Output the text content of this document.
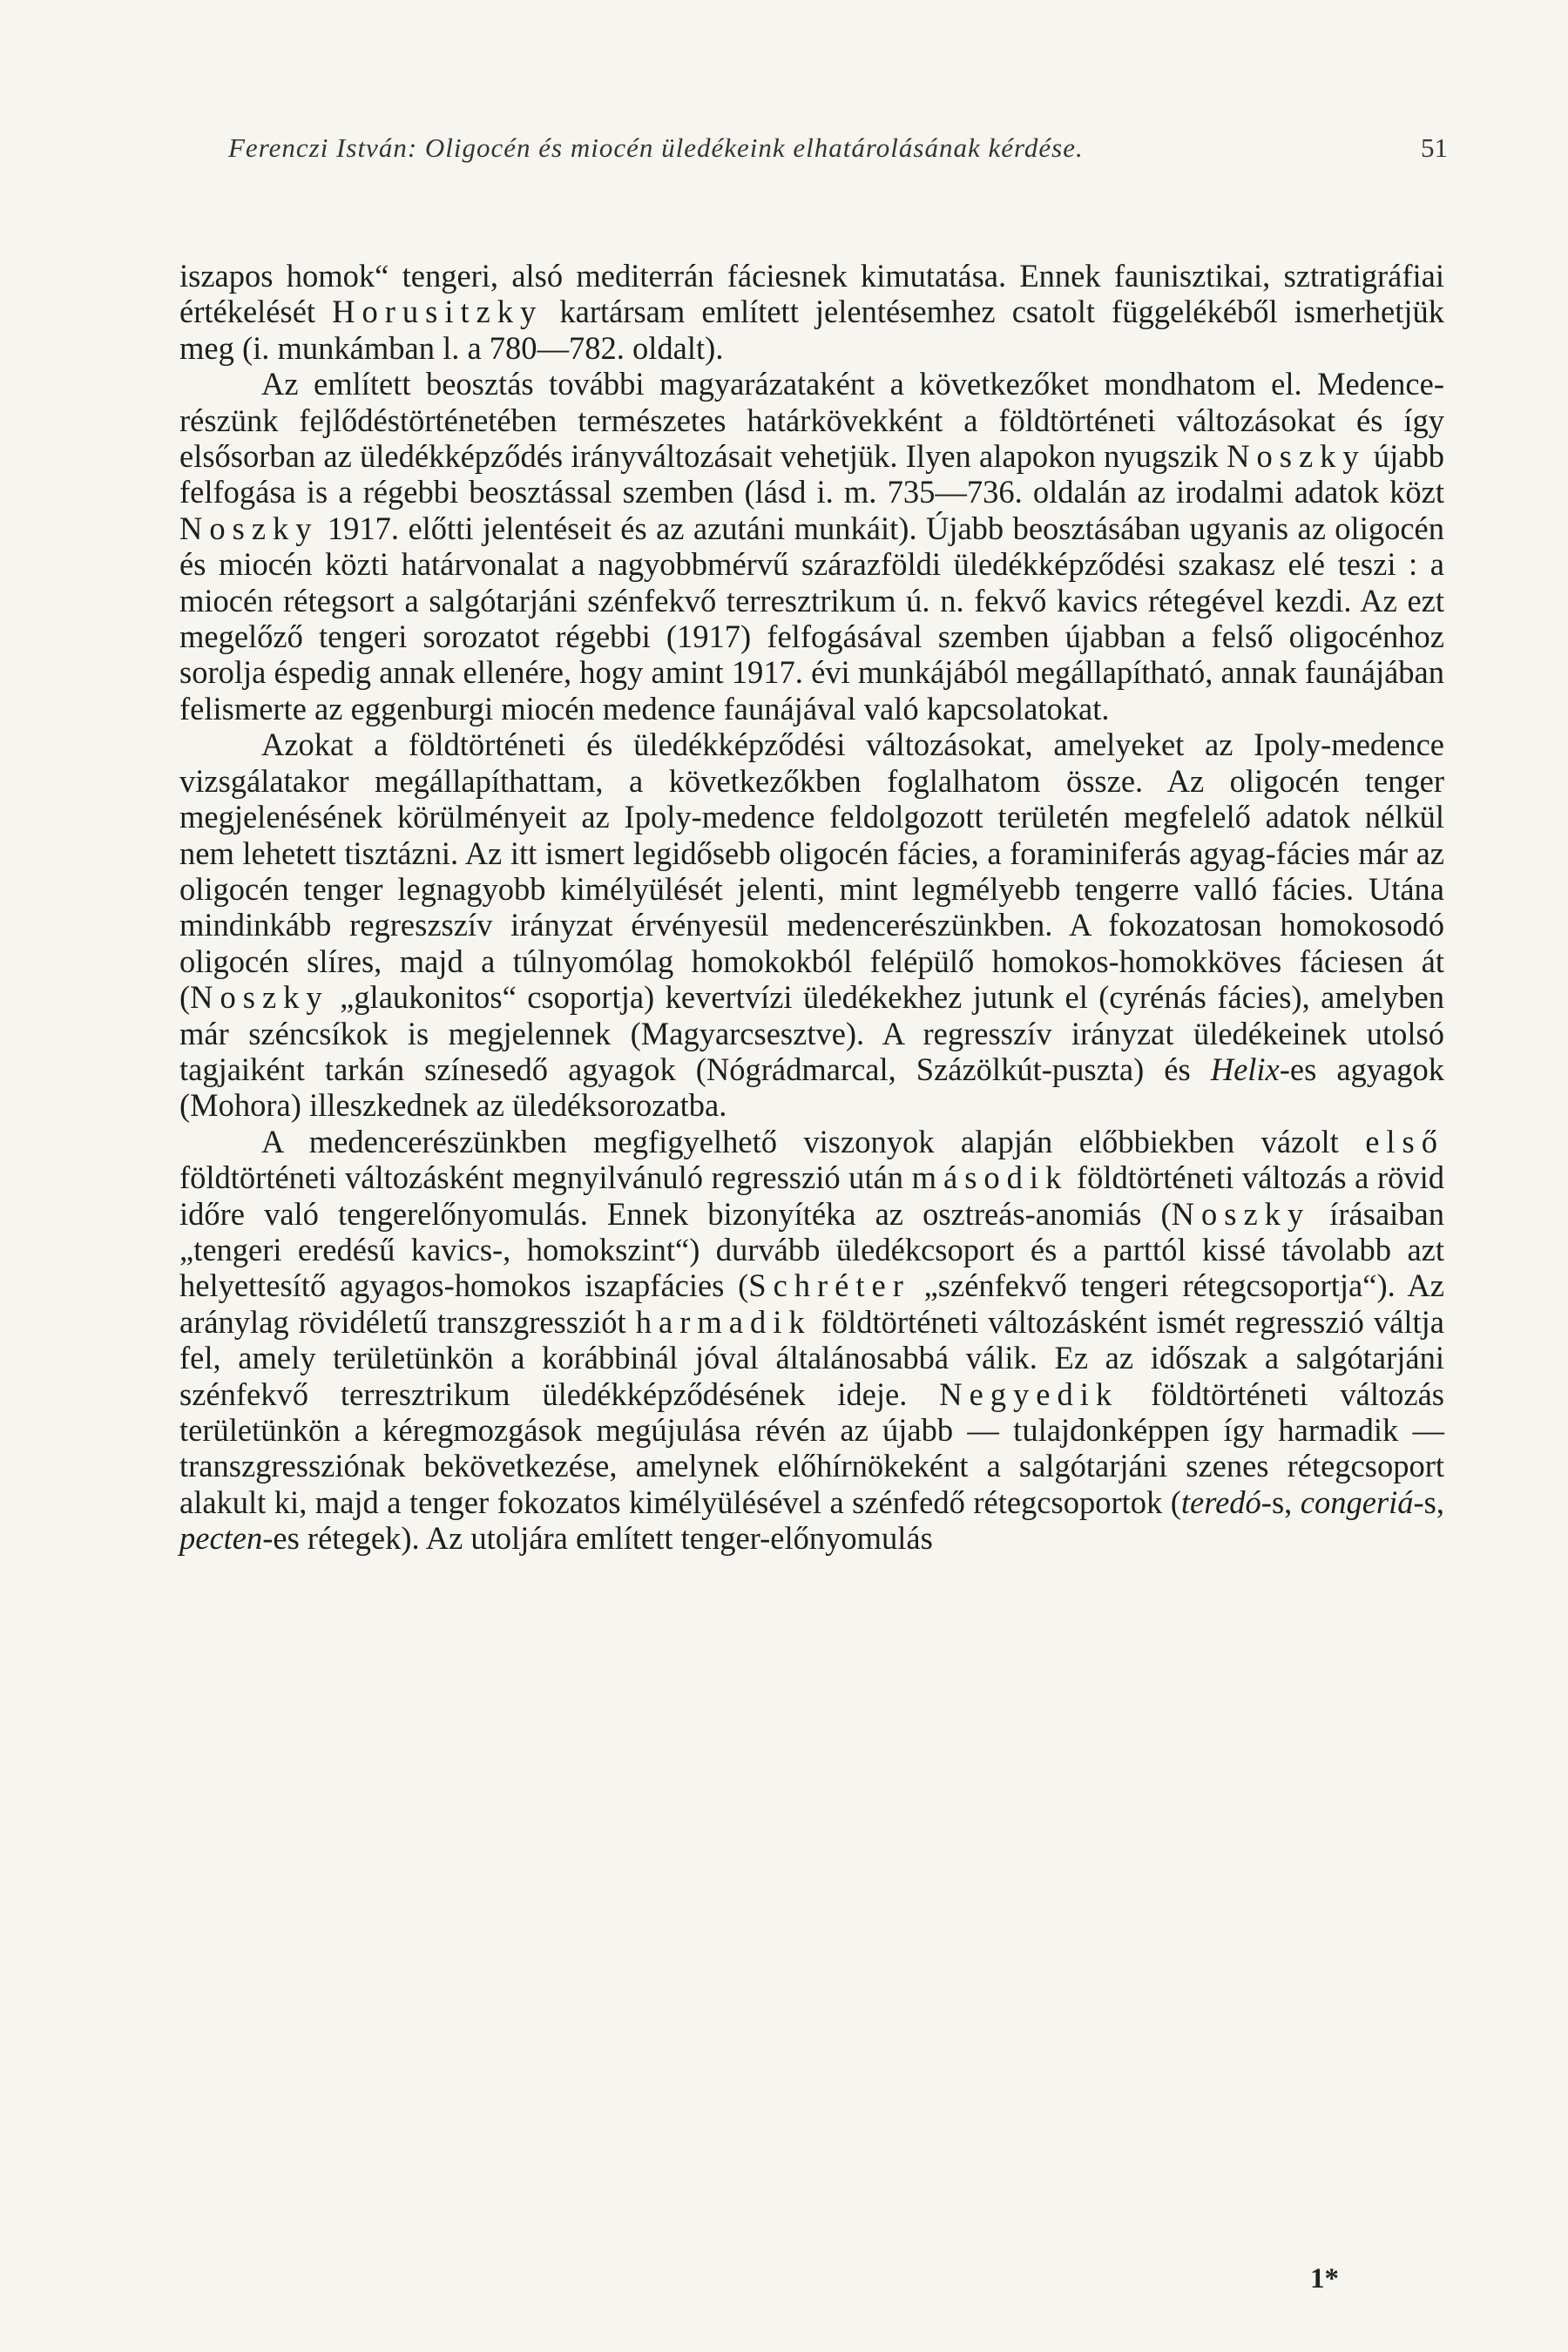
Ferenczi István: Oligocén és miocén üledékeink elhatárolásának kérdése.	51

iszapos homok“ tengeri, alsó mediterrán fáciesnek kimutatása. Ennek faunisztikai, sztratigráfiai értékelését Horusitzky kartársam említett jelentésemhez csatolt függelékéből ismerhetjük meg (i. munkámban l. a 780—782. oldalt).

Az említett beosztás további magyarázataként a következőket mondhatom el. Medence-részünk fejlődéstörténetében természetes határkövekként a földtörténeti változásokat és így elsősorban az üledékképződés irányváltozásait vehetjük. Ilyen alapokon nyugszik Noszky újabb felfogása is a régebbi beosztással szemben (lásd i. m. 735—736. oldalán az irodalmi adatok közt Noszky 1917. előtti jelentéseit és az azutáni munkáit). Újabb beosztásában ugyanis az oligocén és miocén közti határvonalat a nagyobbmérvű szárazföldi üledékképződési szakasz elé teszi : a miocén rétegsort a salgótarjáni szénfekvő terresztrikum ú. n. fekvő kavics rétegével kezdi. Az ezt megelőző tengeri sorozatot régebbi (1917) felfogásával szemben újabban a felső oligocénhoz sorolja éspedig annak ellenére, hogy amint 1917. évi munkájából megállapítható, annak faunájában felismerte az eggenburgi miocén medence faunájával való kapcsolatokat.

Azokat a földtörténeti és üledékképződési változásokat, amelyeket az Ipoly-medence vizsgálatakor megállapíthattam, a következőkben foglalhatom össze. Az oligocén tenger megjelenésének körülményeit az Ipoly-medence feldolgozott területén megfelelő adatok nélkül nem lehetett tisztázni. Az itt ismert legidősebb oligocén fácies, a foraminiferás agyag-fácies már az oligocén tenger legnagyobb kimélyülését jelenti, mint legmélyebb tengerre valló fácies. Utána mindinkább regreszszív irányzat érvényesül medencerészünkben. A fokozatosan homokosodó oligocén slíres, majd a túlnyomólag homokokból felépülő homokos-homokköves fáciesen át (Noszky „glaukonitos“ csoportja) kevertvízi üledékekhez jutunk el (cyrénás fácies), amelyben már széncsíkok is megjelennek (Magyarcsesztve). A regresszív irányzat üledékeinek utolsó tagjaiként tarkán színesedő agyagok (Nógrádmarcal, Százölkút-puszta) és Helix-es agyagok (Mohora) illeszkednek az üledéksorozatba.

A medencerészünkben megfigyelhető viszonyok alapján előbbiekben vázolt első földtörténeti változásként megnyilvánuló regresszió után második földtörténeti változás a rövid időre való tengerelőnyomulás. Ennek bizonyítéka az osztreás-anomiás (Noszky írásaiban „tengeri eredésű kavics-, homokszint“) durvább üledékcsoport és a parttól kissé távolabb azt helyettesítő agyagos-homokos iszapfácies (Schréter „szénfekvő tengeri rétegcsoportja“). Az aránylag rövidéletű transzgressziót harmadik földtörténeti változásként ismét regresszió váltja fel, amely területünkön a korábbinál jóval általánosabbá válik. Ez az időszak a salgótarjáni szénfekvő terresztrikum üledékképződésének ideje. Negyedik földtörténeti változás területünkön a kéregmozgások megújulása révén az újabb — tulajdonképpen így harmadik — transzgressziónak bekövetkezése, amelynek előhírnökeként a salgótarjáni szenes rétegcsoport alakult ki, majd a tenger fokozatos kimélyülésével a szénfedő rétegcsoportok (teredó-s, congeriá-s, pecten-es rétegek). Az utoljára említett tenger-előnyomulás

1*
